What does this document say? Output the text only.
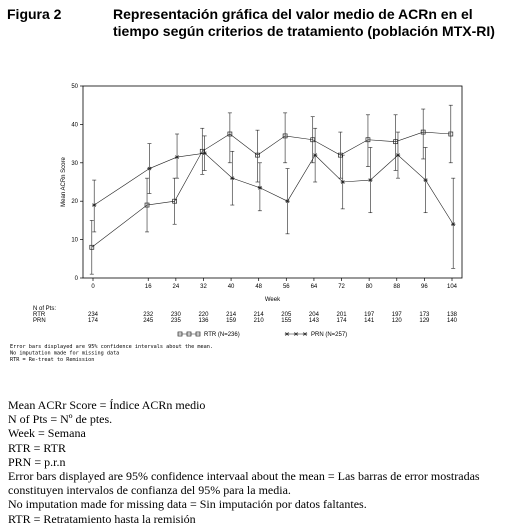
Figura 2	Representación gráfica del valor medio de ACRn en el tiempo según criterios de tratamiento (población MTX-RI)
0
10
20
30
40
50
0	16	24	32	40	48	56	64	72	80	88	96	104
Mean ACRn Score
Week
N of Pts:
RTR
PRN
234	232	230	220	214	214	205	204	201	197	197	173	138
174	245	235	136	159	210	155	143	174	141	120	129	140
RTR (N=236)	PRN (N=257)
Error bars displayed are 95% confidence intervals about the mean.
No imputation made for missing data
RTR = Re-treat to Remission
Mean ACRr Score = Índice ACRn medio
N of Pts = Nº de ptes.
Week = Semana
RTR = RTR
PRN = p.r.n
Error bars displayed are 95% confidence intervaal about the mean = Las barras de error mostradas constituyen intervalos de confianza del 95% para la media.
No imputation made for missing data = Sin imputación por datos faltantes.
RTR = Retratamiento hasta la remisión
